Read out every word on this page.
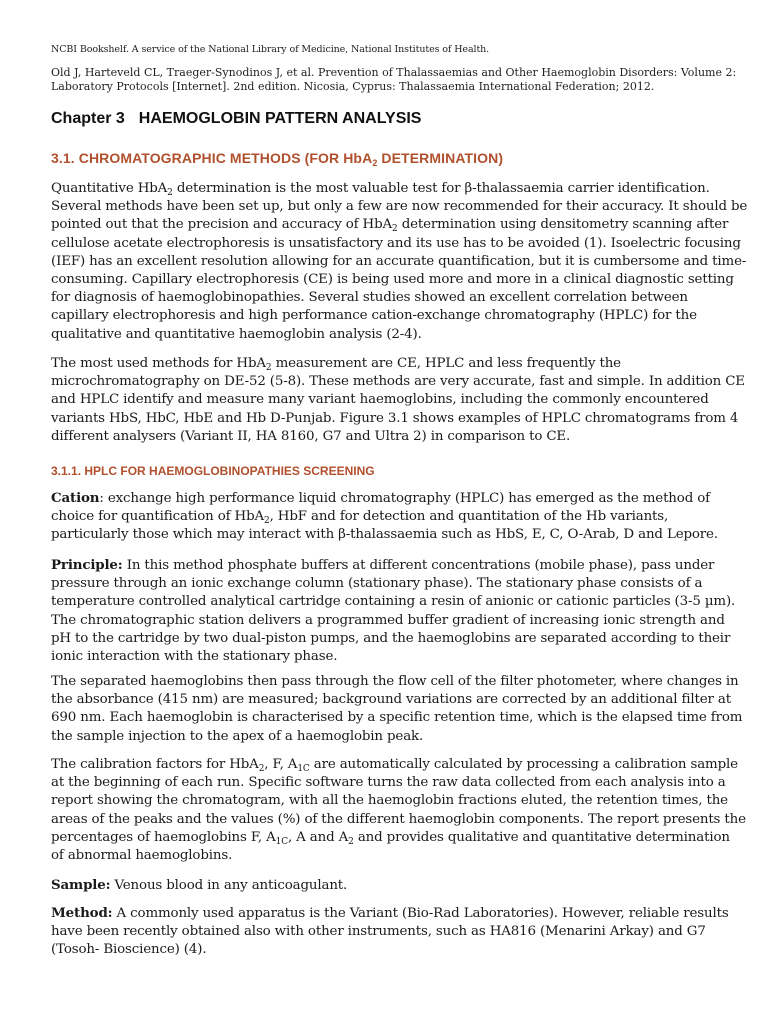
NCBI Bookshelf. A service of the National Library of Medicine, National Institutes of Health.
Old J, Harteveld CL, Traeger-Synodinos J, et al. Prevention of Thalassaemias and Other Haemoglobin Disorders: Volume 2:
Laboratory Protocols [Internet]. 2nd edition. Nicosia, Cyprus: Thalassaemia International Federation; 2012.
Chapter 3 HAEMOGLOBIN PATTERN ANALYSIS
3.1. CHROMATOGRAPHIC METHODS (FOR HbA$_2$ DETERMINATION)

Quantitative HbA$_2$ determination is the most valuable test for β-thalassaemia carrier identification.
Several methods have been set up, but only a few are now recommended for their accuracy. It should be
pointed out that the precision and accuracy of HbA$_2$ determination using densitometry scanning after
cellulose acetate electrophoresis is unsatisfactory and its use has to be avoided (1). Isoelectric focusing
(IEF) has an excellent resolution allowing for an accurate quantification, but it is cumbersome and time-
consuming. Capillary electrophoresis (CE) is being used more and more in a clinical diagnostic setting
for diagnosis of haemoglobinopathies. Several studies showed an excellent correlation between
capillary electrophoresis and high performance cation-exchange chromatography (HPLC) for the
qualitative and quantitative haemoglobin analysis (2-4).

The most used methods for HbA$_2$ measurement are CE, HPLC and less frequently the
microchromatography on DE-52 (5-8). These methods are very accurate, fast and simple. In addition CE
and HPLC identify and measure many variant haemoglobins, including the commonly encountered
variants HbS, HbC, HbE and Hb D-Punjab. Figure 3.1 shows examples of HPLC chromatograms from 4
different analysers (Variant II, HA 8160, G7 and Ultra 2) in comparison to CE.

3.1.1. HPLC FOR HAEMOGLOBINOPATHIES SCREENING

Cation: exchange high performance liquid chromatography (HPLC) has emerged as the method of
choice for quantification of HbA$_2$, HbF and for detection and quantitation of the Hb variants,
particularly those which may interact with β-thalassaemia such as HbS, E, C, O-Arab, D and Lepore.

Principle: In this method phosphate buffers at different concentrations (mobile phase), pass under
pressure through an ionic exchange column (stationary phase). The stationary phase consists of a
temperature controlled analytical cartridge containing a resin of anionic or cationic particles (3-5 µm).
The chromatographic station delivers a programmed buffer gradient of increasing ionic strength and
pH to the cartridge by two dual-piston pumps, and the haemoglobins are separated according to their
ionic interaction with the stationary phase.

The separated haemoglobins then pass through the flow cell of the filter photometer, where changes in
the absorbance (415 nm) are measured; background variations are corrected by an additional filter at
690 nm. Each haemoglobin is characterised by a specific retention time, which is the elapsed time from
the sample injection to the apex of a haemoglobin peak.

The calibration factors for HbA$_2$, F, $A_{1C}$ are automatically calculated by processing a calibration sample
at the beginning of each run. Specific software turns the raw data collected from each analysis into a
report showing the chromatogram, with all the haemoglobin fractions eluted, the retention times, the
areas of the peaks and the values (%) of the different haemoglobin components. The report presents the
percentages of haemoglobins F, $A_{1C}$, A and $A_2$ and provides qualitative and quantitative determination
of abnormal haemoglobins.

Sample: Venous blood in any anticoagulant.

Method: A commonly used apparatus is the Variant (Bio-Rad Laboratories). However, reliable results
have been recently obtained also with other instruments, such as HA816 (Menarini Arkay) and G7
(Tosoh- Bioscience) (4).
